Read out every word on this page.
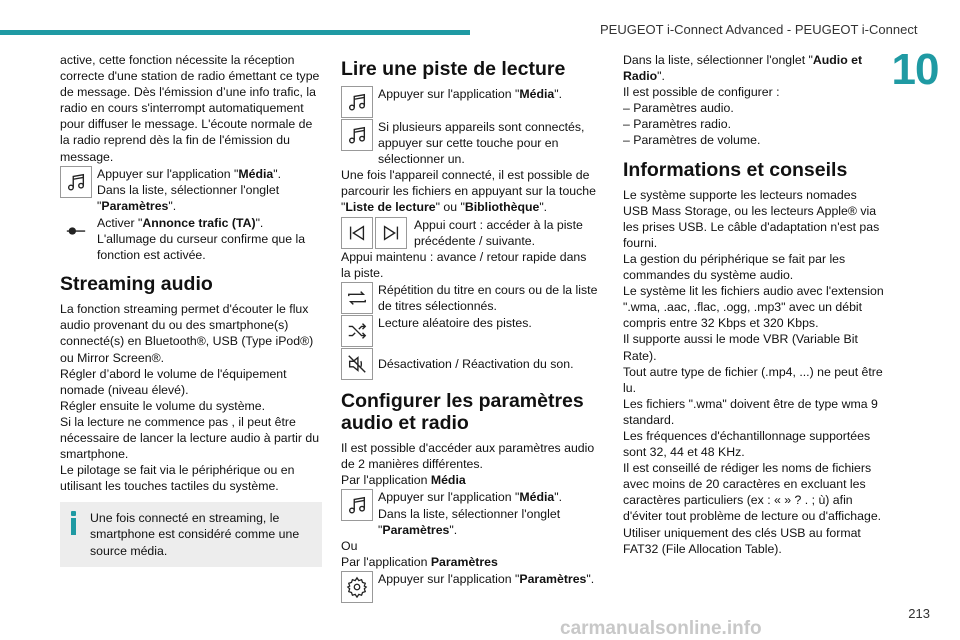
PEUGEOT i-Connect Advanced - PEUGEOT i-Connect
10

active, cette fonction nécessite la réception correcte d'une station de radio émettant ce type de message. Dès l'émission d’une info trafic, la radio en cours s'interrompt automatiquement pour diffuser le message. L'écoute normale de la radio reprend dès la fin de l'émission du message.

Appuyer sur l'application "Média".
Dans la liste, sélectionner l'onglet "Paramètres".
Activer "Annonce trafic (TA)".
L'allumage du curseur confirme que la fonction est activée.
Streaming audio

La fonction streaming permet d'écouter le flux audio provenant du ou des smartphone(s) connecté(s) en Bluetooth®, USB (Type iPod®) ou Mirror Screen®.

Régler d’abord le volume de l'équipement nomade (niveau élevé).

Régler ensuite le volume du système.

Si la lecture ne commence pas , il peut être nécessaire de lancer la lecture audio à partir du smartphone.

Le pilotage se fait via le périphérique ou en utilisant les touches tactiles du système.

Une fois connecté en streaming, le smartphone est considéré comme une source média.
Lire une piste de lecture
Appuyer sur l'application "Média".
Si plusieurs appareils sont connectés, appuyer sur cette touche pour en sélectionner un.

Une fois l'appareil connecté, il est possible de parcourir les fichiers en appuyant sur la touche "Liste de lecture" ou "Bibliothèque".

Appui court : accéder à la piste précédente / suivante.

Appui maintenu : avance / retour rapide dans la piste.

Répétition du titre en cours ou de la liste de titres sélectionnés.
Lecture aléatoire des pistes.
Désactivation / Réactivation du son.
Configurer les paramètres audio et radio

Il est possible d'accéder aux paramètres audio de 2 manières différentes.

Par l'application Média

Appuyer sur l'application "Média".
Dans la liste, sélectionner l'onglet "Paramètres".

Ou

Par l'application Paramètres

Appuyer sur l'application "Paramètres".

Dans la liste, sélectionner l'onglet "Audio et Radio".

Il est possible de configurer :

– Paramètres audio.

– Paramètres radio.

– Paramètres de volume.

Informations et conseils

Le système supporte les lecteurs nomades USB Mass Storage, ou les lecteurs Apple® via les prises USB. Le câble d'adaptation n'est pas fourni.

La gestion du périphérique se fait par les commandes du système audio.

Le système lit les fichiers audio avec l'extension ".wma, .aac, .flac, .ogg, .mp3" avec un débit compris entre 32 Kbps et 320 Kbps.

Il supporte aussi le mode VBR (Variable Bit Rate).

Tout autre type de fichier (.mp4, ...) ne peut être lu.

Les fichiers ".wma" doivent être de type wma 9 standard.

Les fréquences d'échantillonnage supportées sont 32, 44 et 48 KHz.

Il est conseillé de rédiger les noms de fichiers avec moins de 20 caractères en excluant les caractères particuliers (ex : « » ? . ; ù) afin d'éviter tout problème de lecture ou d'affichage.

Utiliser uniquement des clés USB au format FAT32 (File Allocation Table).

213
carmanualsonline.info
